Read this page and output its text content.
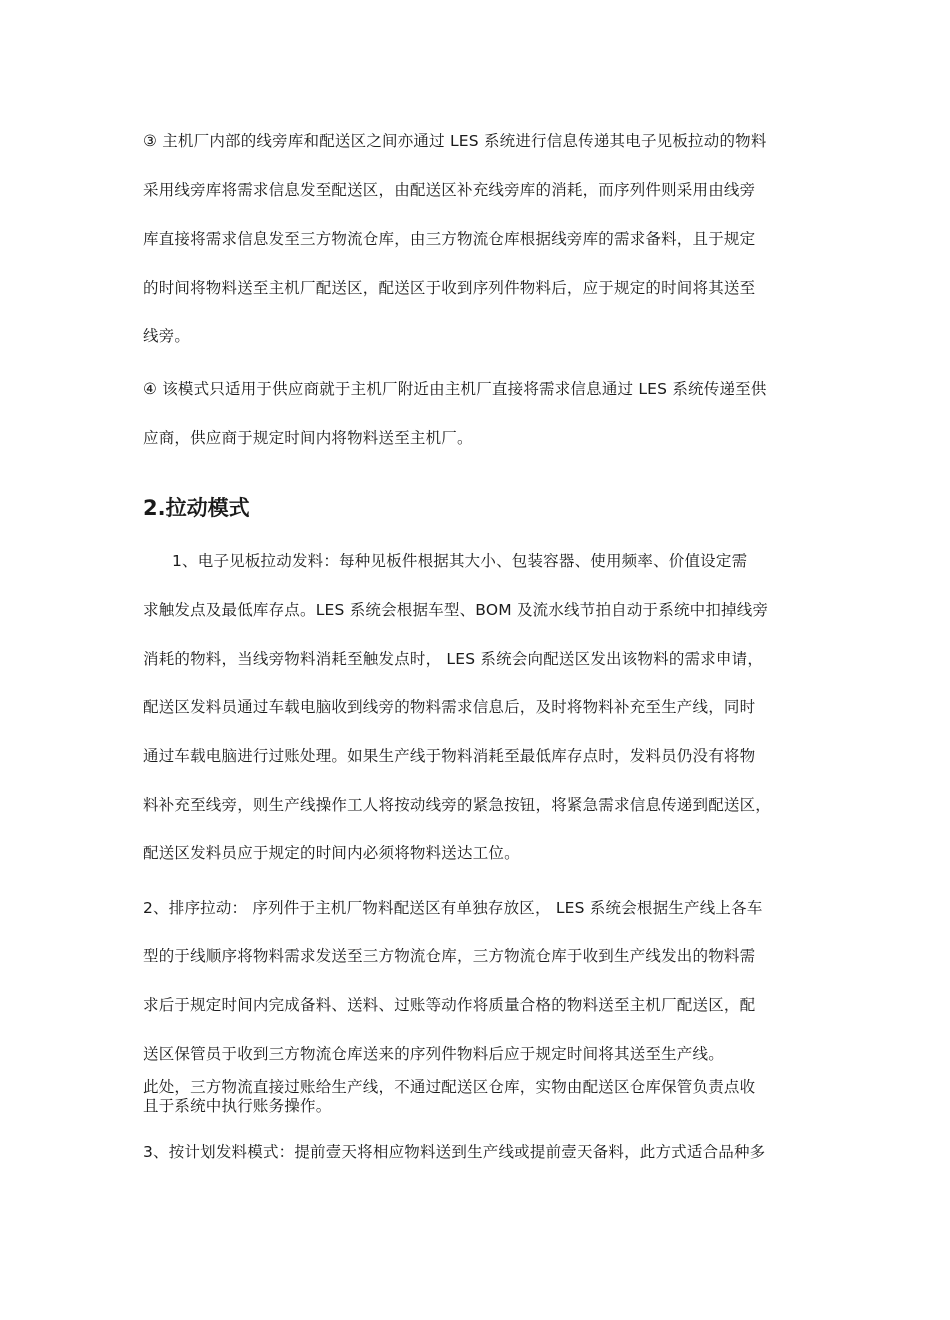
③ 主机厂内部的线旁库和配送区之间亦通过 LES 系统进行信息传递其电子见板拉动的物料
采用线旁库将需求信息发至配送区，由配送区补充线旁库的消耗，而序列件则采用由线旁
库直接将需求信息发至三方物流仓库，由三方物流仓库根据线旁库的需求备料，且于规定
的时间将物料送至主机厂配送区，配送区于收到序列件物料后，应于规定的时间将其送至
线旁。
④ 该模式只适用于供应商就于主机厂附近由主机厂直接将需求信息通过 LES 系统传递至供
应商，供应商于规定时间内将物料送至主机厂。
2.拉动模式
1、电子见板拉动发料：每种见板件根据其大小、包装容器、使用频率、价值设定需
求触发点及最低库存点。LES 系统会根据车型、BOM 及流水线节拍自动于系统中扣掉线旁
消耗的物料，当线旁物料消耗至触发点时， LES 系统会向配送区发出该物料的需求申请，
配送区发料员通过车载电脑收到线旁的物料需求信息后，及时将物料补充至生产线，同时
通过车载电脑进行过账处理。如果生产线于物料消耗至最低库存点时，发料员仍没有将物
料补充至线旁，则生产线操作工人将按动线旁的紧急按钮，将紧急需求信息传递到配送区，
配送区发料员应于规定的时间内必须将物料送达工位。
2、排序拉动： 序列件于主机厂物料配送区有单独存放区， LES 系统会根据生产线上各车
型的于线顺序将物料需求发送至三方物流仓库，三方物流仓库于收到生产线发出的物料需
求后于规定时间内完成备料、送料、过账等动作将质量合格的物料送至主机厂配送区，配
送区保管员于收到三方物流仓库送来的序列件物料后应于规定时间将其送至生产线。
此处，三方物流直接过账给生产线，不通过配送区仓库，实物由配送区仓库保管负责点收
且于系统中执行账务操作。
3、按计划发料模式：提前壹天将相应物料送到生产线或提前壹天备料，此方式适合品种多
